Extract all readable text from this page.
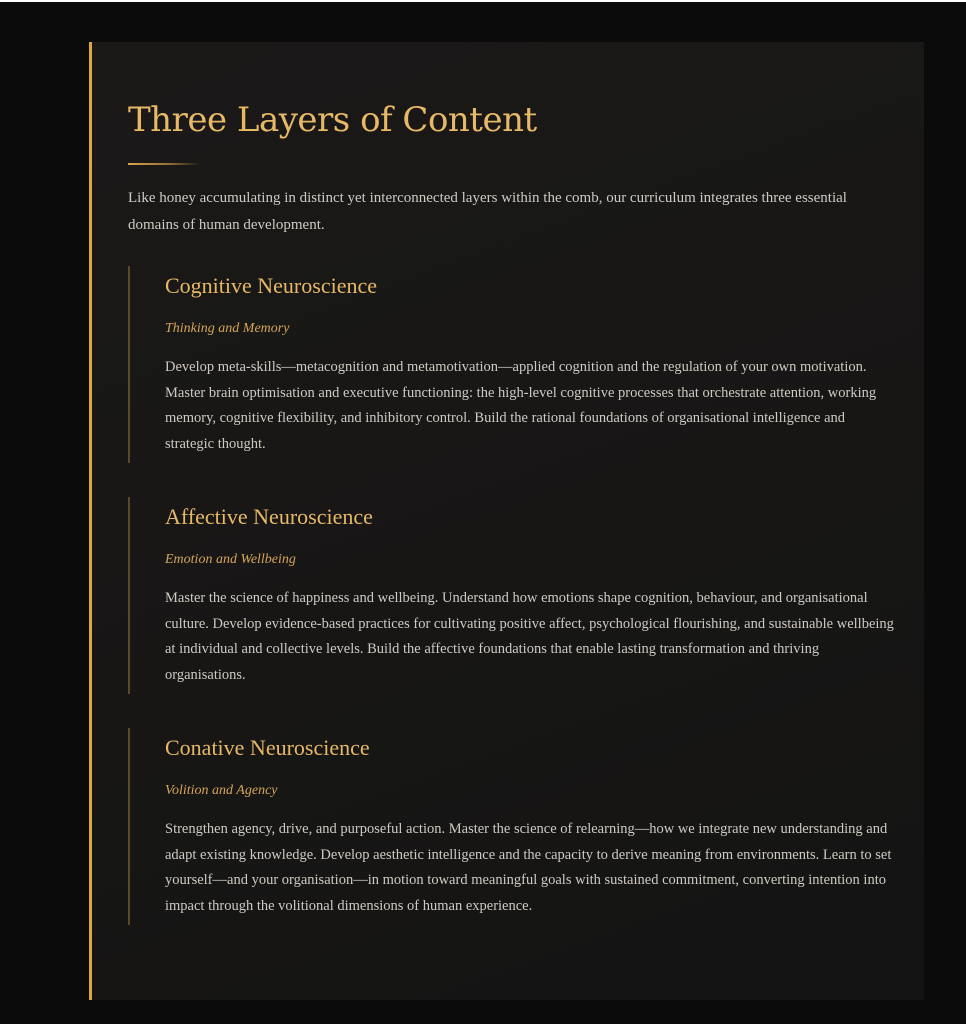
Three Layers of Content

Like honey accumulating in distinct yet interconnected layers within the comb, our curriculum integrates three essential domains of human development.

Cognitive Neuroscience

Thinking and Memory

Develop meta-skills—metacognition and metamotivation—applied cognition and the regulation of your own motivation. Master brain optimisation and executive functioning: the high-level cognitive processes that orchestrate attention, working memory, cognitive flexibility, and inhibitory control. Build the rational foundations of organisational intelligence and strategic thought.

Affective Neuroscience

Emotion and Wellbeing

Master the science of happiness and wellbeing. Understand how emotions shape cognition, behaviour, and organisational culture. Develop evidence-based practices for cultivating positive affect, psychological flourishing, and sustainable wellbeing at individual and collective levels. Build the affective foundations that enable lasting transformation and thriving organisations.

Conative Neuroscience

Volition and Agency

Strengthen agency, drive, and purposeful action. Master the science of relearning—how we integrate new understanding and adapt existing knowledge. Develop aesthetic intelligence and the capacity to derive meaning from environments. Learn to set yourself—and your organisation—in motion toward meaningful goals with sustained commitment, converting intention into impact through the volitional dimensions of human experience.
